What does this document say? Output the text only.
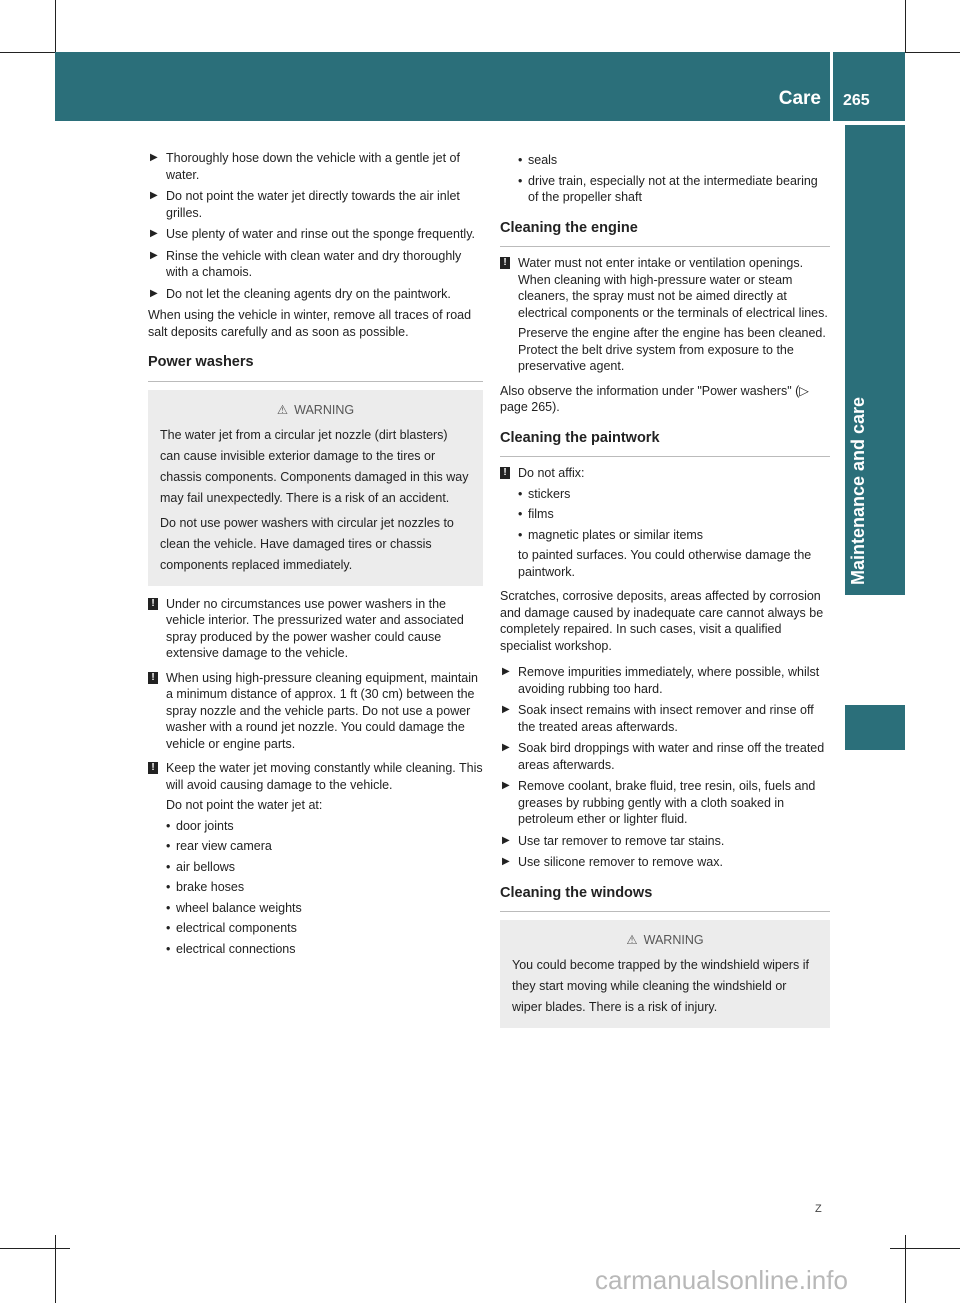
Care 265
Maintenance and care
▶ Thoroughly hose down the vehicle with a gentle jet of water.
▶ Do not point the water jet directly towards the air inlet grilles.
▶ Use plenty of water and rinse out the sponge frequently.
▶ Rinse the vehicle with clean water and dry thoroughly with a chamois.
▶ Do not let the cleaning agents dry on the paintwork.

When using the vehicle in winter, remove all traces of road salt deposits carefully and as soon as possible.

Power washers
⚠ WARNING
The water jet from a circular jet nozzle (dirt blasters) can cause invisible exterior damage to the tires or chassis components. Components damaged in this way may fail unexpectedly. There is a risk of an accident.
Do not use power washers with circular jet nozzles to clean the vehicle. Have damaged tires or chassis components replaced immediately.
! Under no circumstances use power washers in the vehicle interior. The pressurized water and associated spray produced by the power washer could cause extensive damage to the vehicle.

! When using high-pressure cleaning equipment, maintain a minimum distance of approx. 1 ft (30 cm) between the spray nozzle and the vehicle parts. Do not use a power washer with a round jet nozzle. You could damage the vehicle or engine parts.

! Keep the water jet moving constantly while cleaning. This will avoid causing damage to the vehicle.

Do not point the water jet at:

• door joints
• rear view camera
• air bellows
• brake hoses
• wheel balance weights
• electrical components
• electrical connections
• seals
• drive train, especially not at the intermediate bearing of the propeller shaft
Cleaning the engine
! Water must not enter intake or ventilation openings. When cleaning with high-pressure water or steam cleaners, the spray must not be aimed directly at electrical components or the terminals of electrical lines.

Preserve the engine after the engine has been cleaned. Protect the belt drive system from exposure to the preservative agent.

Also observe the information under "Power washers" (▷ page 265).

Cleaning the paintwork
! Do not affix:

• stickers
• films
• magnetic plates or similar items

to painted surfaces. You could otherwise damage the paintwork.

Scratches, corrosive deposits, areas affected by corrosion and damage caused by inadequate care cannot always be completely repaired. In such cases, visit a qualified specialist workshop.

▶ Remove impurities immediately, where possible, whilst avoiding rubbing too hard.
▶ Soak insect remains with insect remover and rinse off the treated areas afterwards.
▶ Soak bird droppings with water and rinse off the treated areas afterwards.
▶ Remove coolant, brake fluid, tree resin, oils, fuels and greases by rubbing gently with a cloth soaked in petroleum ether or lighter fluid.
▶ Use tar remover to remove tar stains.
▶ Use silicone remover to remove wax.
Cleaning the windows
⚠ WARNING
You could become trapped by the windshield wipers if they start moving while cleaning the windshield or wiper blades. There is a risk of injury.
Z
carmanualsonline.info
